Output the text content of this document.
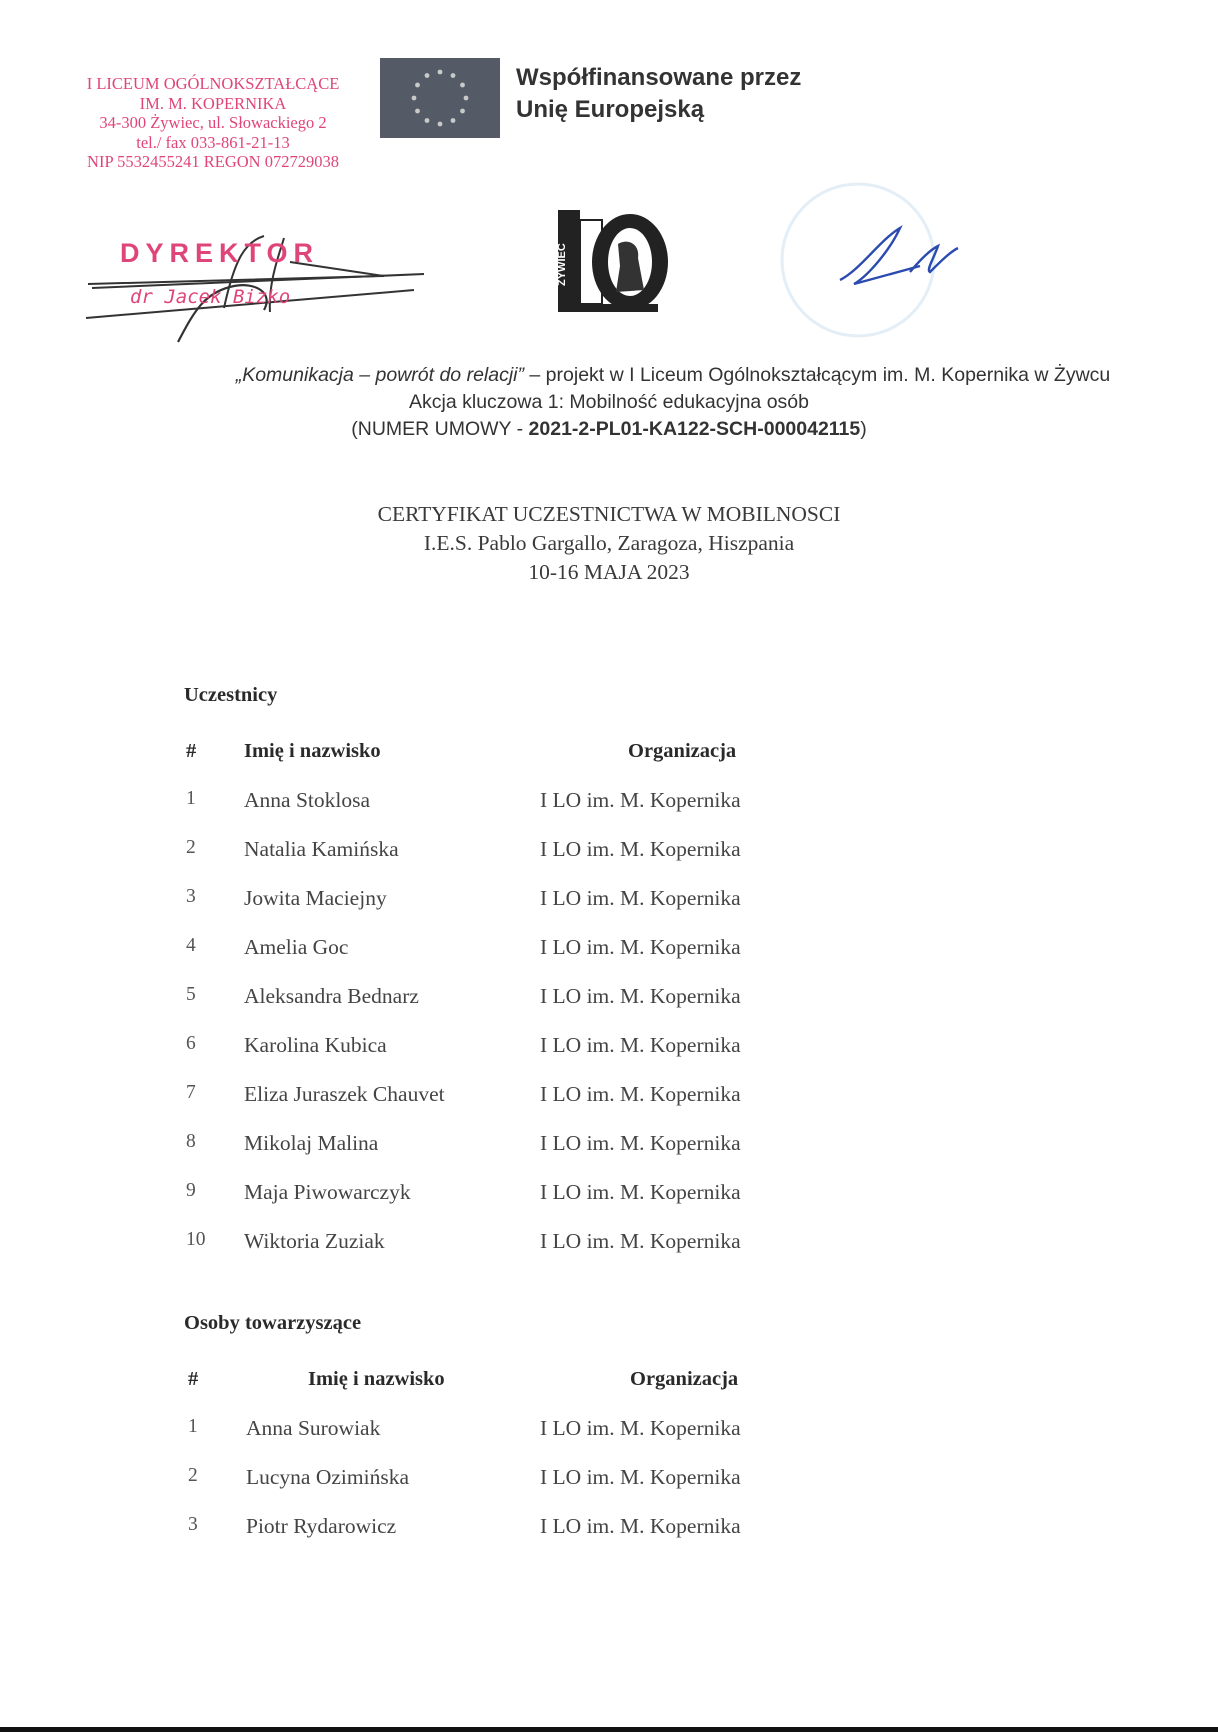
I LICEUM OGÓLNOKSZTAŁCĄCE
IM. M. KOPERNIKA
34-300 Żywiec, ul. Słowackiego 2
tel./ fax 033-861-21-13
NIP 5532455241 REGON 072729038
Współfinansowane przez
Unię Europejską
DYREKTOR
dr Jacek Bizko
ŻYWIEC
„Komunikacja – powrót do relacji” – projekt w I Liceum Ogólnokształcącym im. M. Kopernika w Żywcu
Akcja kluczowa 1: Mobilność edukacyjna osób
(NUMER UMOWY - 2021-2-PL01-KA122-SCH-000042115)
CERTYFIKAT UCZESTNICTWA W MOBILNOSCI
I.E.S. Pablo Gargallo, Zaragoza, Hiszpania
10-16 MAJA 2023
Uczestnicy
# Imię i nazwisko	Organizacja
1 Anna Stoklosa	I LO im. M. Kopernika
2 Natalia Kamińska	I LO im. M. Kopernika
3 Jowita Maciejny	I LO im. M. Kopernika
4 Amelia Goc	I LO im. M. Kopernika
5 Aleksandra Bednarz	I LO im. M. Kopernika
6 Karolina Kubica	I LO im. M. Kopernika
7 Eliza Juraszek Chauvet	I LO im. M. Kopernika
8 Mikolaj Malina	I LO im. M. Kopernika
9 Maja Piwowarczyk	I LO im. M. Kopernika
10 Wiktoria Zuziak	I LO im. M. Kopernika
Osoby towarzyszące
#	Imię i nazwisko	Organizacja
1 Anna Surowiak	I LO im. M. Kopernika
2 Lucyna Ozimińska	I LO im. M. Kopernika
3 Piotr Rydarowicz	I LO im. M. Kopernika
